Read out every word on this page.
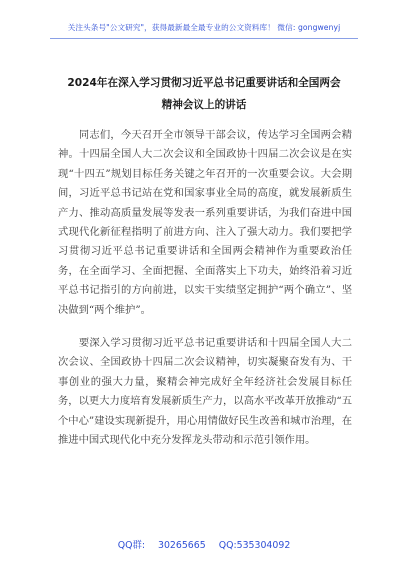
关注头条号"公文研究"，获得最新最全最专业的公文资料库！ 微信: gongwenyj
2024年在深入学习贯彻习近平总书记重要讲话和全国两会
精神会议上的讲话

同志们，今天召开全市领导干部会议，传达学习全国两会精神。十四届全国人大二次会议和全国政协十四届二次会议是在实现“十四五”规划目标任务关键之年召开的一次重要会议。大会期间，习近平总书记站在党和国家事业全局的高度，就发展新质生产力、推动高质量发展等发表一系列重要讲话，为我们奋进中国式现代化新征程指明了前进方向、注入了强大动力。我们要把学习贯彻习近平总书记重要讲话和全国两会精神作为重要政治任务，在全面学习、全面把握、全面落实上下功夫，始终沿着习近平总书记指引的方向前进，以实干实绩坚定拥护“两个确立”、坚决做到“两个维护”。

要深入学习贯彻习近平总书记重要讲话和十四届全国人大二次会议、全国政协十四届二次会议精神，切实凝聚奋发有为、干事创业的强大力量，聚精会神完成好全年经济社会发展目标任务，以更大力度培育发展新质生产力，以高水平改革开放推动“五个中心”建设实现新提升，用心用情做好民生改善和城市治理，在推进中国式现代化中充分发挥龙头带动和示范引领作用。

QQ群: 30265665 QQ:535304092
